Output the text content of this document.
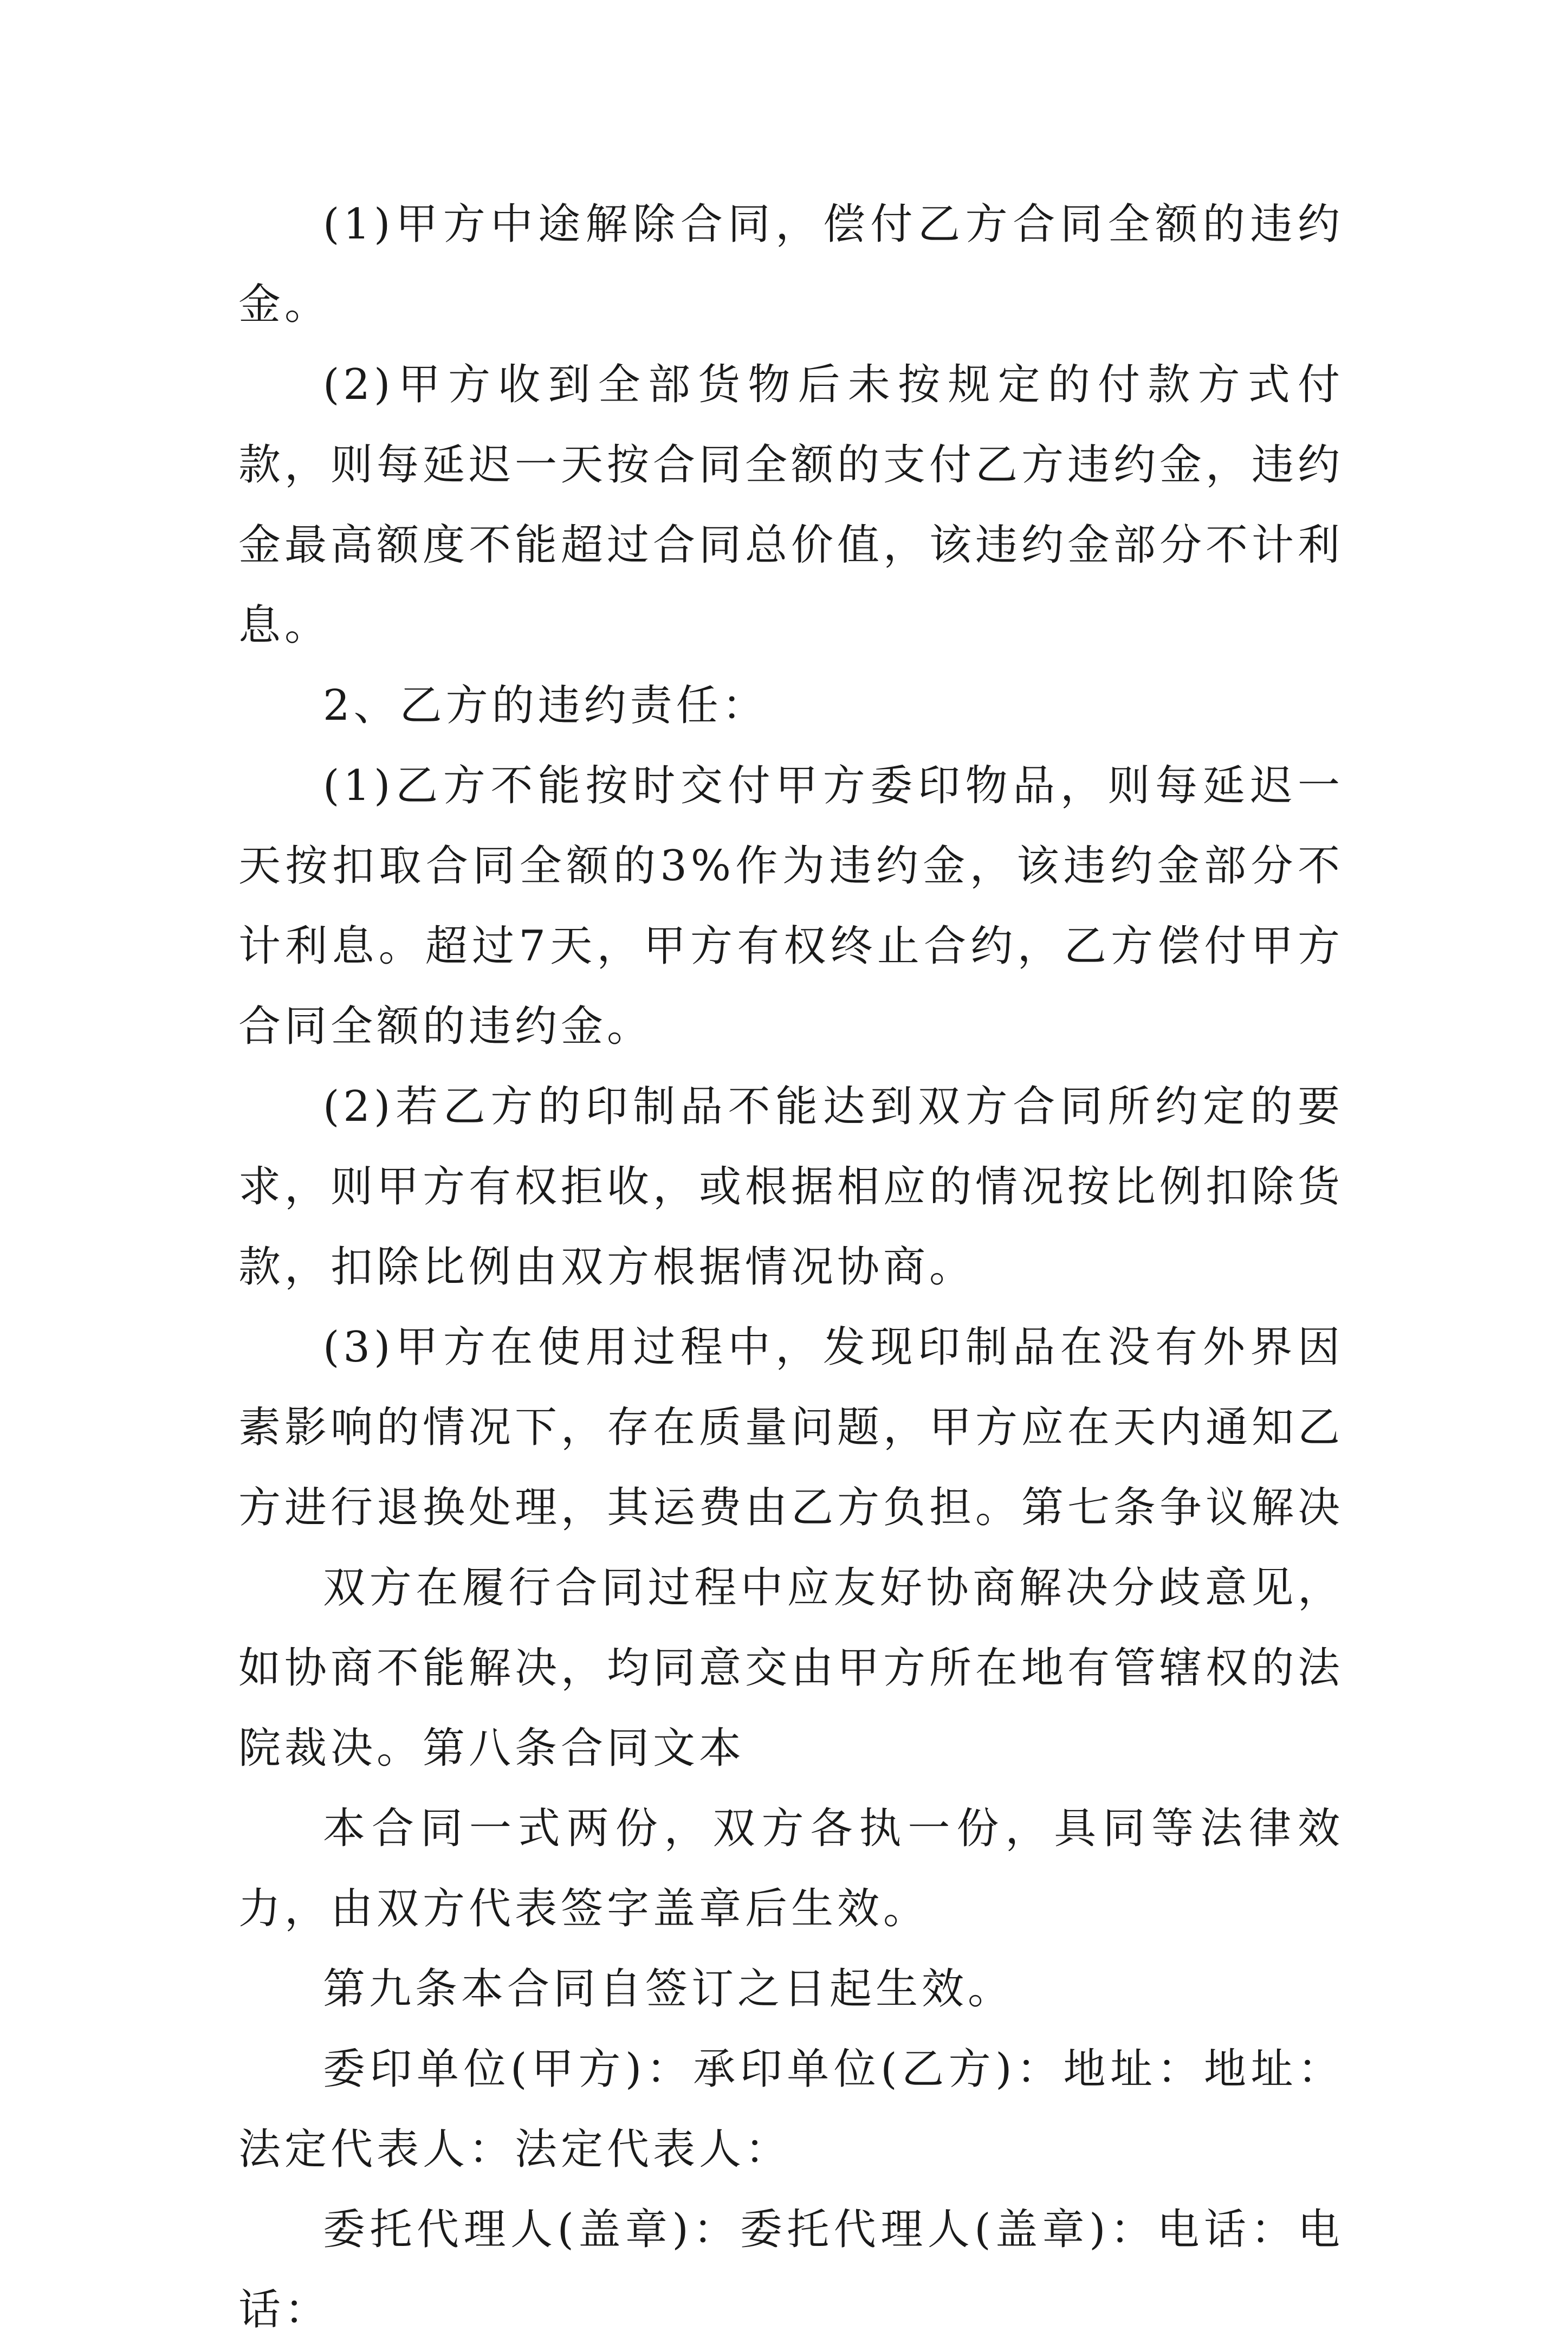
(1)甲方中途解除合同，偿付乙方合同全额的违约金。

(2)甲方收到全部货物后未按规定的付款方式付款，则每延迟一天按合同全额的支付乙方违约金，违约金最高额度不能超过合同总价值，该违约金部分不计利息。

2、乙方的违约责任：

(1)乙方不能按时交付甲方委印物品，则每延迟一天按扣取合同全额的3%作为违约金，该违约金部分不计利息。超过7天，甲方有权终止合约，乙方偿付甲方合同全额的违约金。

(2)若乙方的印制品不能达到双方合同所约定的要求，则甲方有权拒收，或根据相应的情况按比例扣除货款，扣除比例由双方根据情况协商。

(3)甲方在使用过程中，发现印制品在没有外界因素影响的情况下，存在质量问题，甲方应在天内通知乙方进行退换处理，其运费由乙方负担。第七条争议解决

双方在履行合同过程中应友好协商解决分歧意见，如协商不能解决，均同意交由甲方所在地有管辖权的法院裁决。第八条合同文本

本合同一式两份，双方各执一份，具同等法律效力，由双方代表签字盖章后生效。

第九条本合同自签订之日起生效。

委印单位(甲方)：承印单位(乙方)：地址：地址：法定代表人：法定代表人：

委托代理人(盖章)：委托代理人(盖章)：电话：电话：
